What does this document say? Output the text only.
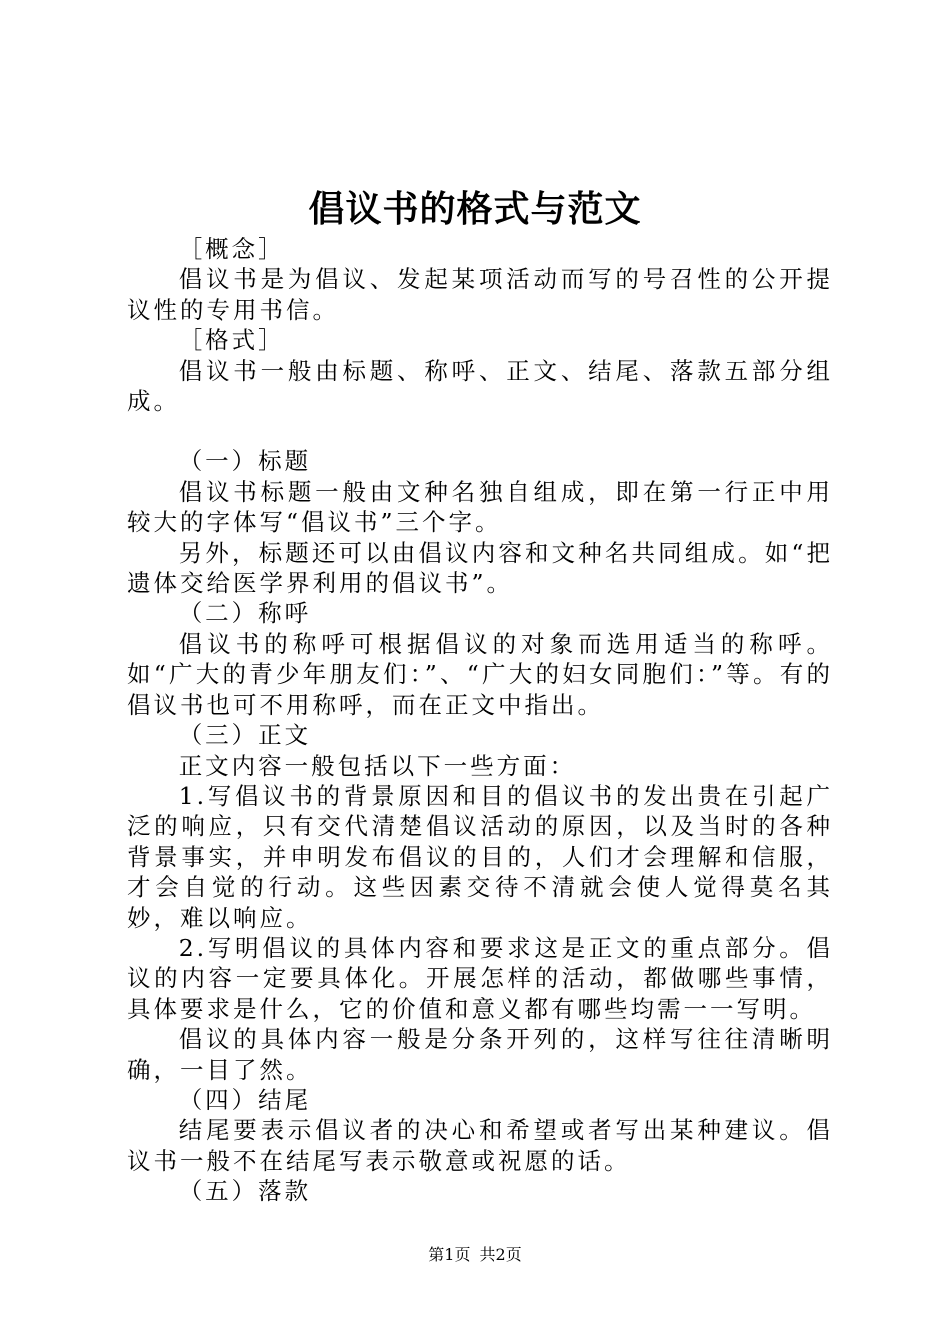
倡议书的格式与范文

［概念］

倡议书是为倡议、发起某项活动而写的号召性的公开提议性的专用书信。

［格式］

倡议书一般由标题、称呼、正文、结尾、落款五部分组成。

（一）标题

倡议书标题一般由文种名独自组成，即在第一行正中用较大的字体写“倡议书”三个字。

另外，标题还可以由倡议内容和文种名共同组成。如“把遗体交给医学界利用的倡议书”。

（二）称呼

倡议书的称呼可根据倡议的对象而选用适当的称呼。如“广大的青少年朋友们：”、“广大的妇女同胞们：”等。有的倡议书也可不用称呼，而在正文中指出。

（三）正文

正文内容一般包括以下一些方面：

1.写倡议书的背景原因和目的倡议书的发出贵在引起广泛的响应，只有交代清楚倡议活动的原因，以及当时的各种背景事实，并申明发布倡议的目的，人们才会理解和信服，才会自觉的行动。这些因素交待不清就会使人觉得莫名其妙，难以响应。

2.写明倡议的具体内容和要求这是正文的重点部分。倡议的内容一定要具体化。开展怎样的活动，都做哪些事情，具体要求是什么，它的价值和意义都有哪些均需一一写明。

倡议的具体内容一般是分条开列的，这样写往往清晰明确，一目了然。

（四）结尾

结尾要表示倡议者的决心和希望或者写出某种建议。倡议书一般不在结尾写表示敬意或祝愿的话。

（五）落款

第1页 共2页
